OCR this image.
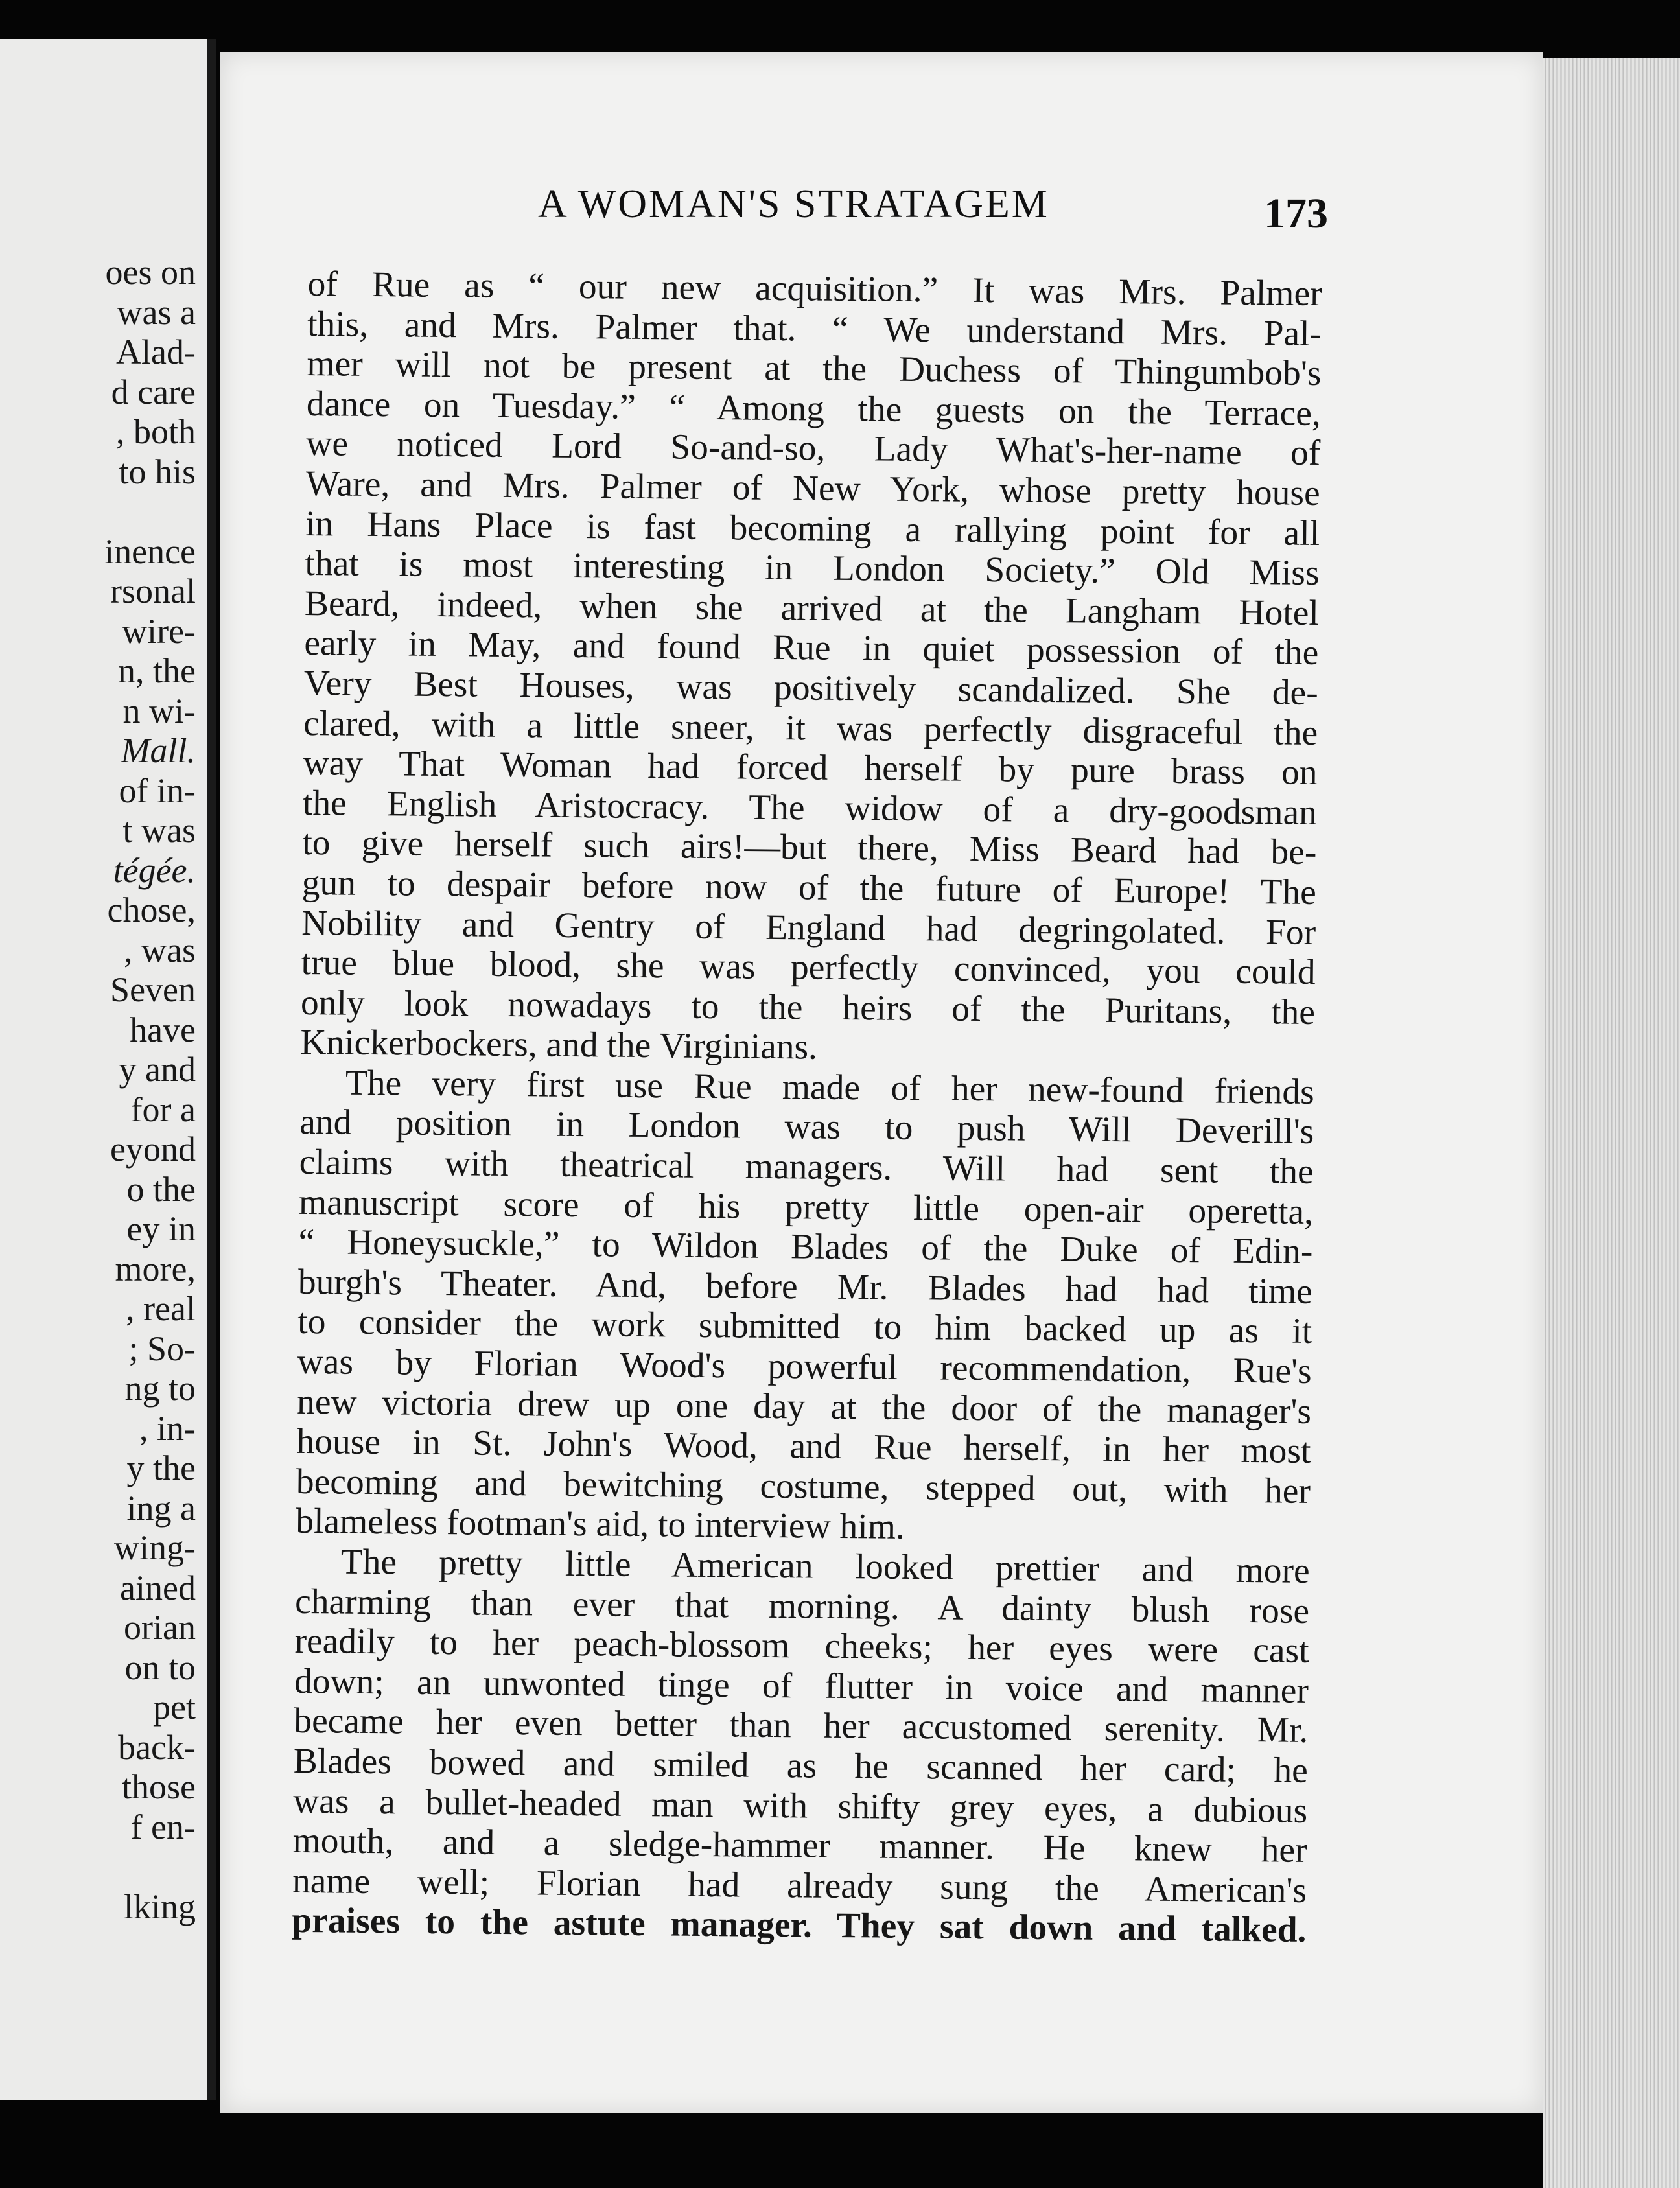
oes on
was a
Alad-
d care
, both
to his
inence
rsonal
wire-
n, the
n wi-
Mall.
of in-
t was
tégée.
chose,
, was
Seven
have
y and
for a
eyond
o the
ey in
more,
, real
; So-
ng to
, in-
y the
ing a
wing-
ained
orian
on to
pet
back-
those
f en-
lking
A WOMAN'S STRATAGEM	173
of Rue as “ our new acquisition.” It was Mrs. Palmer
this, and Mrs. Palmer that. “ We understand Mrs. Pal-
mer will not be present at the Duchess of Thingumbob's
dance on Tuesday.” “ Among the guests on the Terrace,
we noticed Lord So-and-so, Lady What's-her-name of
Ware, and Mrs. Palmer of New York, whose pretty house
in Hans Place is fast becoming a rallying point for all
that is most interesting in London Society.” Old Miss
Beard, indeed, when she arrived at the Langham Hotel
early in May, and found Rue in quiet possession of the
Very Best Houses, was positively scandalized. She de-
clared, with a little sneer, it was perfectly disgraceful the
way That Woman had forced herself by pure brass on
the English Aristocracy. The widow of a dry-goodsman
to give herself such airs!—but there, Miss Beard had be-
gun to despair before now of the future of Europe! The
Nobility and Gentry of England had degringolated. For
true blue blood, she was perfectly convinced, you could
only look nowadays to the heirs of the Puritans, the
Knickerbockers, and the Virginians.
The very first use Rue made of her new-found friends
and position in London was to push Will Deverill's
claims with theatrical managers. Will had sent the
manuscript score of his pretty little open-air operetta,
“ Honeysuckle,” to Wildon Blades of the Duke of Edin-
burgh's Theater. And, before Mr. Blades had had time
to consider the work submitted to him backed up as it
was by Florian Wood's powerful recommendation, Rue's
new victoria drew up one day at the door of the manager's
house in St. John's Wood, and Rue herself, in her most
becoming and bewitching costume, stepped out, with her
blameless footman's aid, to interview him.
The pretty little American looked prettier and more
charming than ever that morning. A dainty blush rose
readily to her peach-blossom cheeks; her eyes were cast
down; an unwonted tinge of flutter in voice and manner
became her even better than her accustomed serenity. Mr.
Blades bowed and smiled as he scanned her card; he
was a bullet-headed man with shifty grey eyes, a dubious
mouth, and a sledge-hammer manner. He knew her
name well; Florian had already sung the American's
praises to the astute manager. They sat down and talked.
